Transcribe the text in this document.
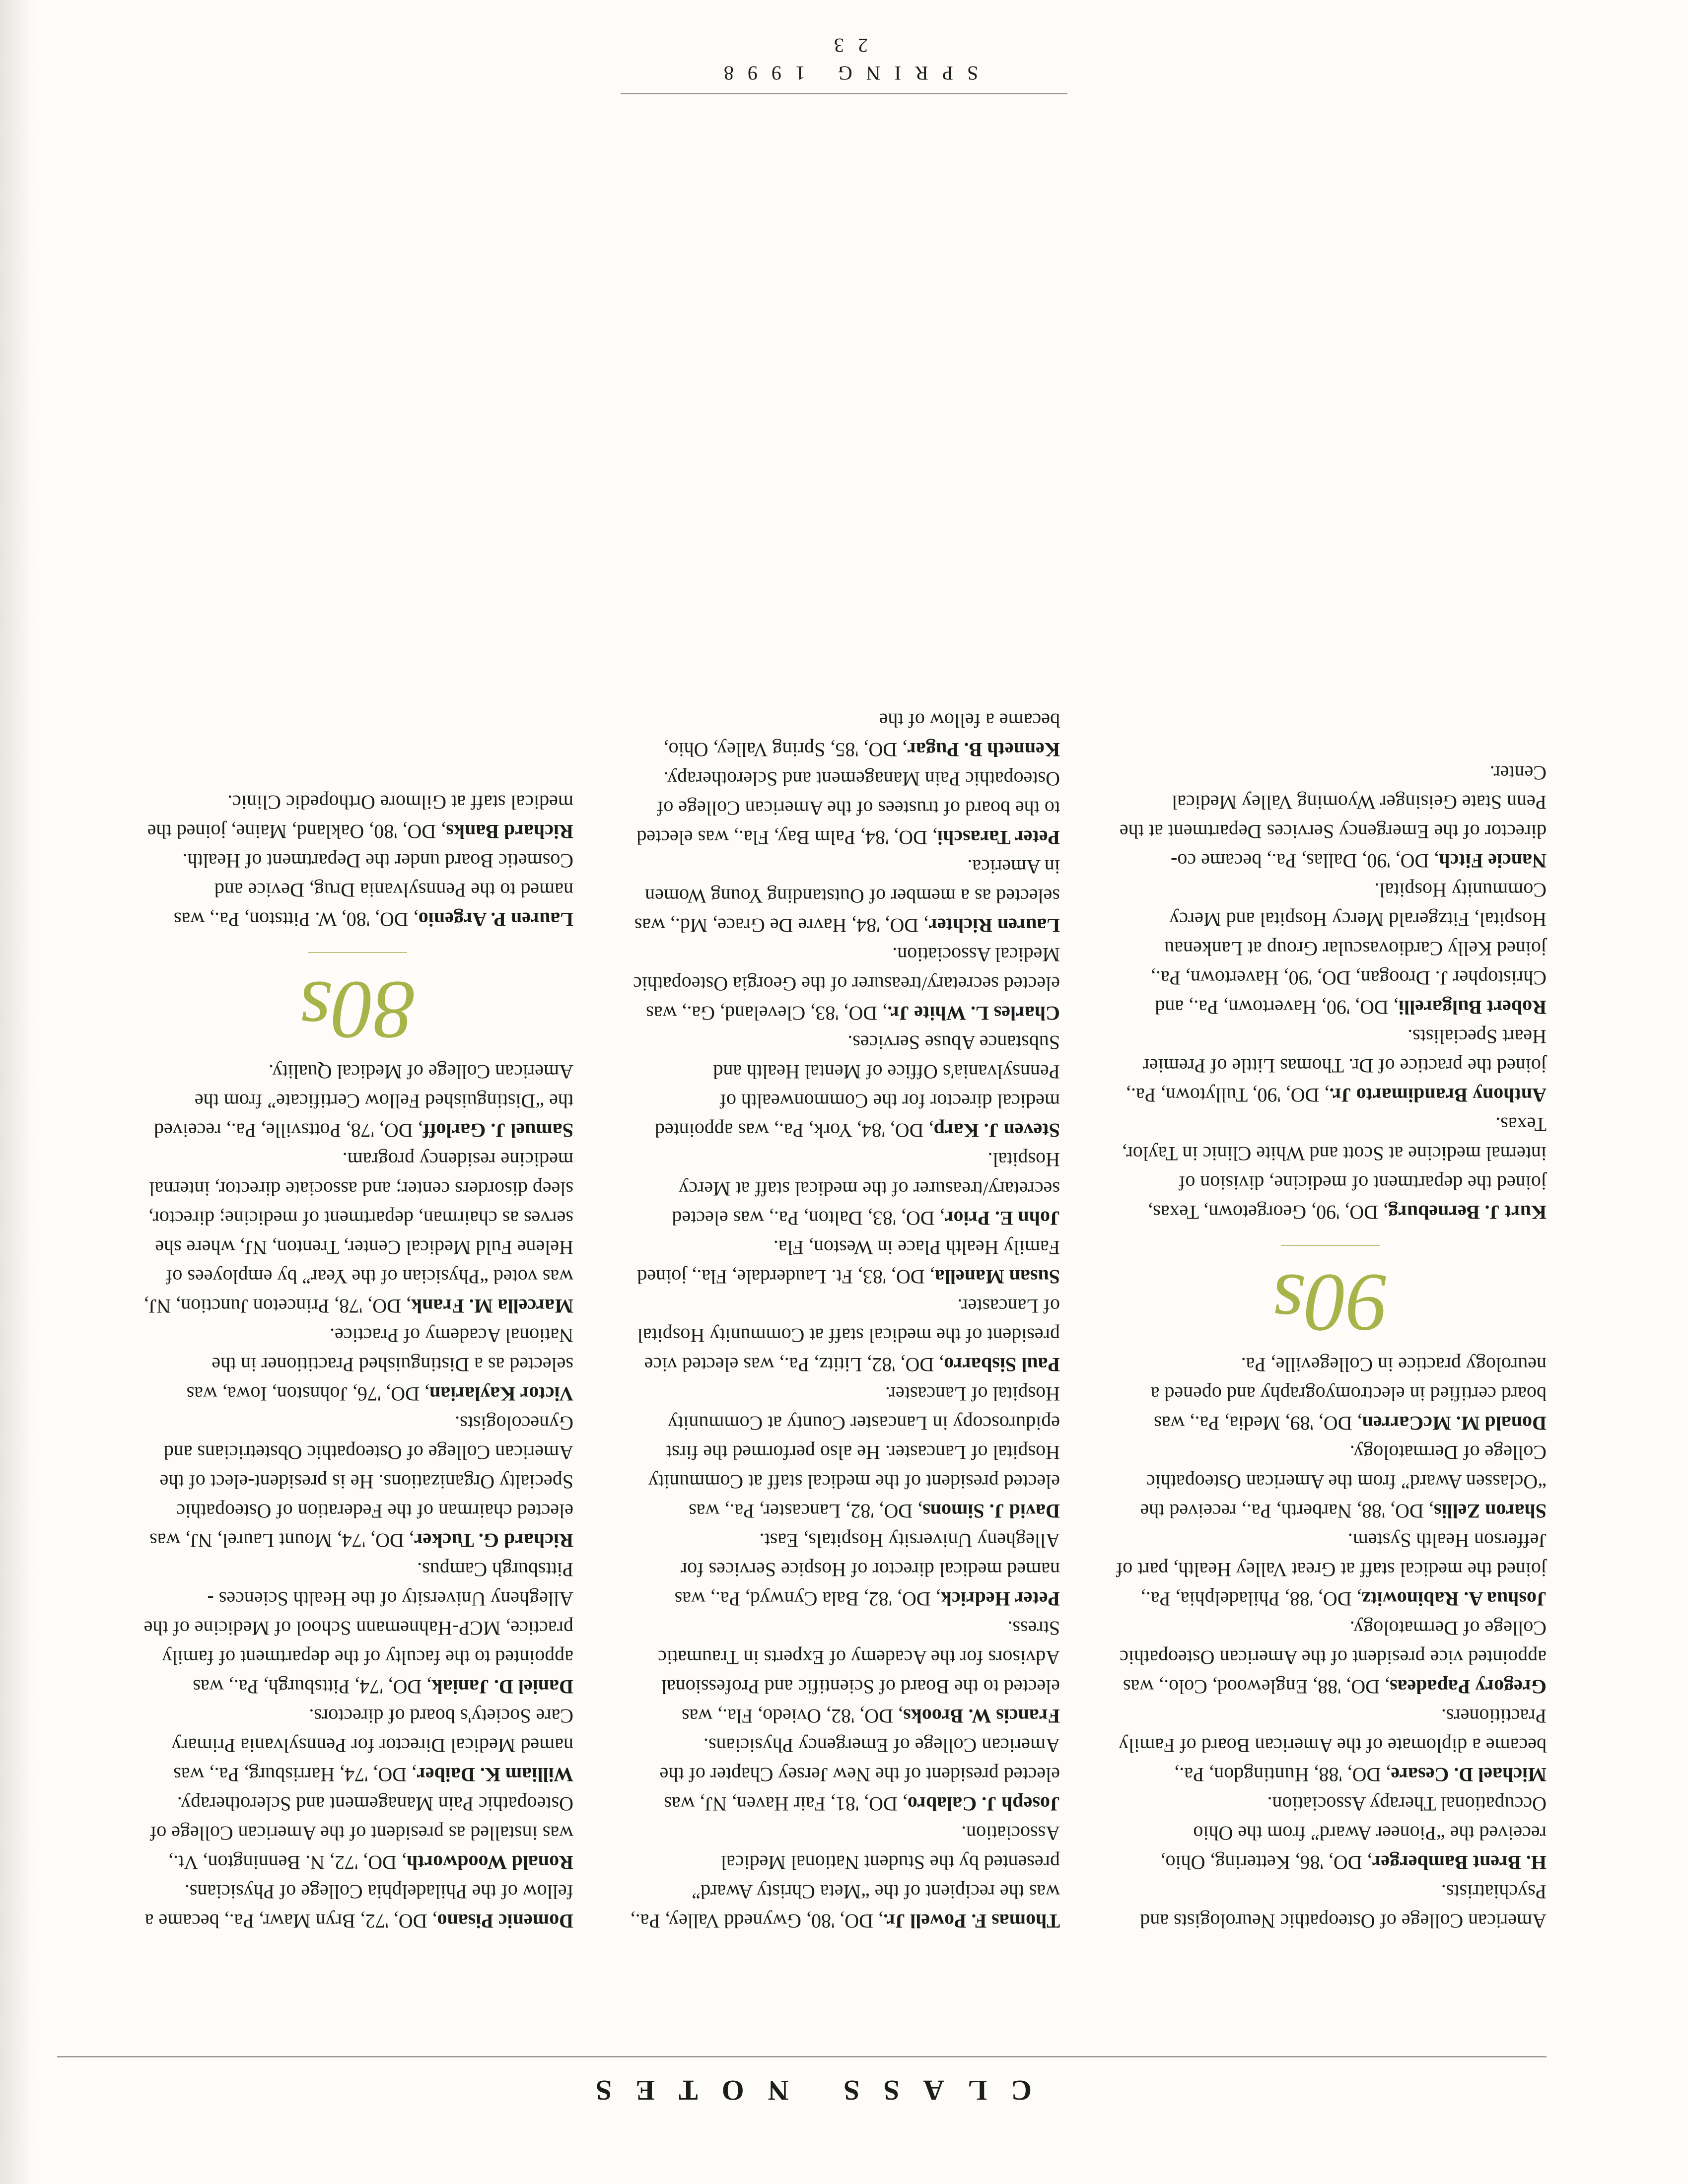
CLASS NOTES

American College of Osteopathic Neurologists and Psychiatrists.

H. Brent Bamberger, DO, '86, Kettering, Ohio, received the “Pioneer Award” from the Ohio Occupational Therapy Association.

Michael D. Cesare, DO, '88, Huntingdon, Pa., became a diplomate of the American Board of Family Practitioners.

Gregory Papadeas, DO, '88, Englewood, Colo., was appointed vice president of the American Osteopathic College of Dermatology.

Joshua A. Rabinowitz, DO, '88, Philadelphia, Pa., joined the medical staff at Great Valley Health, part of Jefferson Health System.

Sharon Zellis, DO, '88, Narberth, Pa., received the “Oclassen Award” from the American Osteopathic College of Dermatology.

Donald M. McCarren, DO, '89, Media, Pa., was board certified in electromyography and opened a neurology practice in Collegeville, Pa.

90s

Kurt J. Berneburg, DO, '90, Georgetown, Texas, joined the department of medicine, division of internal medicine at Scott and White Clinic in Taylor, Texas.

Anthony Brandimarto Jr., DO, '90, Tullytown, Pa., joined the practice of Dr. Thomas Little of Premier Heart Specialists.

Robert Bulgarelli, DO, '90, Havertown, Pa., and Christopher J. Droogan, DO, '90, Havertown, Pa., joined Kelly Cardiovascular Group at Lankenau Hospital, Fitzgerald Mercy Hospital and Mercy Community Hospital.

Nancie Fitch, DO, '90, Dallas, Pa., became co-director of the Emergency Services Department at the Penn State Geisinger Wyoming Valley Medical Center.

Thomas F. Powell Jr., DO, '80, Gwynedd Valley, Pa., was the recipient of the “Meta Christy Award” presented by the Student National Medical Association.

Joseph J. Calabro, DO, '81, Fair Haven, NJ, was elected president of the New Jersey Chapter of the American College of Emergency Physicians.

Francis W. Brooks, DO, '82, Oviedo, Fla., was elected to the Board of Scientific and Professional Advisors for the Academy of Experts in Traumatic Stress.

Peter Hedrick, DO, '82, Bala Cynwyd, Pa., was named medical director of Hospice Services for Allegheny University Hospitals, East.

David J. Simons, DO, '82, Lancaster, Pa., was elected president of the medical staff at Community Hospital of Lancaster. He also performed the first epiduroscopy in Lancaster County at Community Hospital of Lancaster.

Paul Sisbarro, DO, '82, Lititz, Pa., was elected vice president of the medical staff at Community Hospital of Lancaster.

Susan Manella, DO, '83, Ft. Lauderdale, Fla., joined Family Health Place in Weston, Fla.

John E. Prior, DO, '83, Dalton, Pa., was elected secretary/treasurer of the medical staff at Mercy Hospital.

Steven J. Karp, DO, '84, York, Pa., was appointed medical director for the Commonwealth of Pennsylvania's Office of Mental Health and Substance Abuse Services.

Charles L. White Jr., DO, '83, Cleveland, Ga., was elected secretary/treasurer of the Georgia Osteopathic Medical Association.

Lauren Richter, DO, '84, Havre De Grace, Md., was selected as a member of Outstanding Young Women in America.

Peter Taraschi, DO, '84, Palm Bay, Fla., was elected to the board of trustees of the American College of Osteopathic Pain Management and Sclerotherapy.

Kenneth B. Pugar, DO, '85, Spring Valley, Ohio, became a fellow of the

Domenic Pisano, DO, '72, Bryn Mawr, Pa., became a fellow of the Philadelphia College of Physicians.

Ronald Woodworth, DO, '72, N. Bennington, Vt., was installed as president of the American College of Osteopathic Pain Management and Sclerotherapy.

William K. Daiber, DO, '74, Harrisburg, Pa., was named Medical Director for Pennsylvania Primary Care Society's board of directors.

Daniel D. Janiak, DO, '74, Pittsburgh, Pa., was appointed to the faculty of the department of family practice, MCP-Hahnemann School of Medicine of the Allegheny University of the Health Sciences - Pittsburgh Campus.

Richard G. Tucker, DO, '74, Mount Laurel, NJ, was elected chairman of the Federation of Osteopathic Specialty Organizations. He is president-elect of the American College of Osteopathic Obstetricians and Gynecologists.

Victor Kaylarian, DO, '76, Johnston, Iowa, was selected as a Distinguished Practitioner in the National Academy of Practice.

Marcella M. Frank, DO, '78, Princeton Junction, NJ, was voted “Physician of the Year” by employees of Helene Fuld Medical Center, Trenton, NJ, where she serves as chairman, department of medicine; director, sleep disorders center; and associate director, internal medicine residency program.

Samuel J. Garloff, DO, '78, Pottsville, Pa., received the “Distinguished Fellow Certificate” from the American College of Medical Quality.

80s

Lauren P. Argenio, DO, '80, W. Pittston, Pa., was named to the Pennsylvania Drug, Device and Cosmetic Board under the Department of Health.

Richard Banks, DO, '80, Oakland, Maine, joined the medical staff at Gilmore Orthopedic Clinic.

SPRING 1998
23
